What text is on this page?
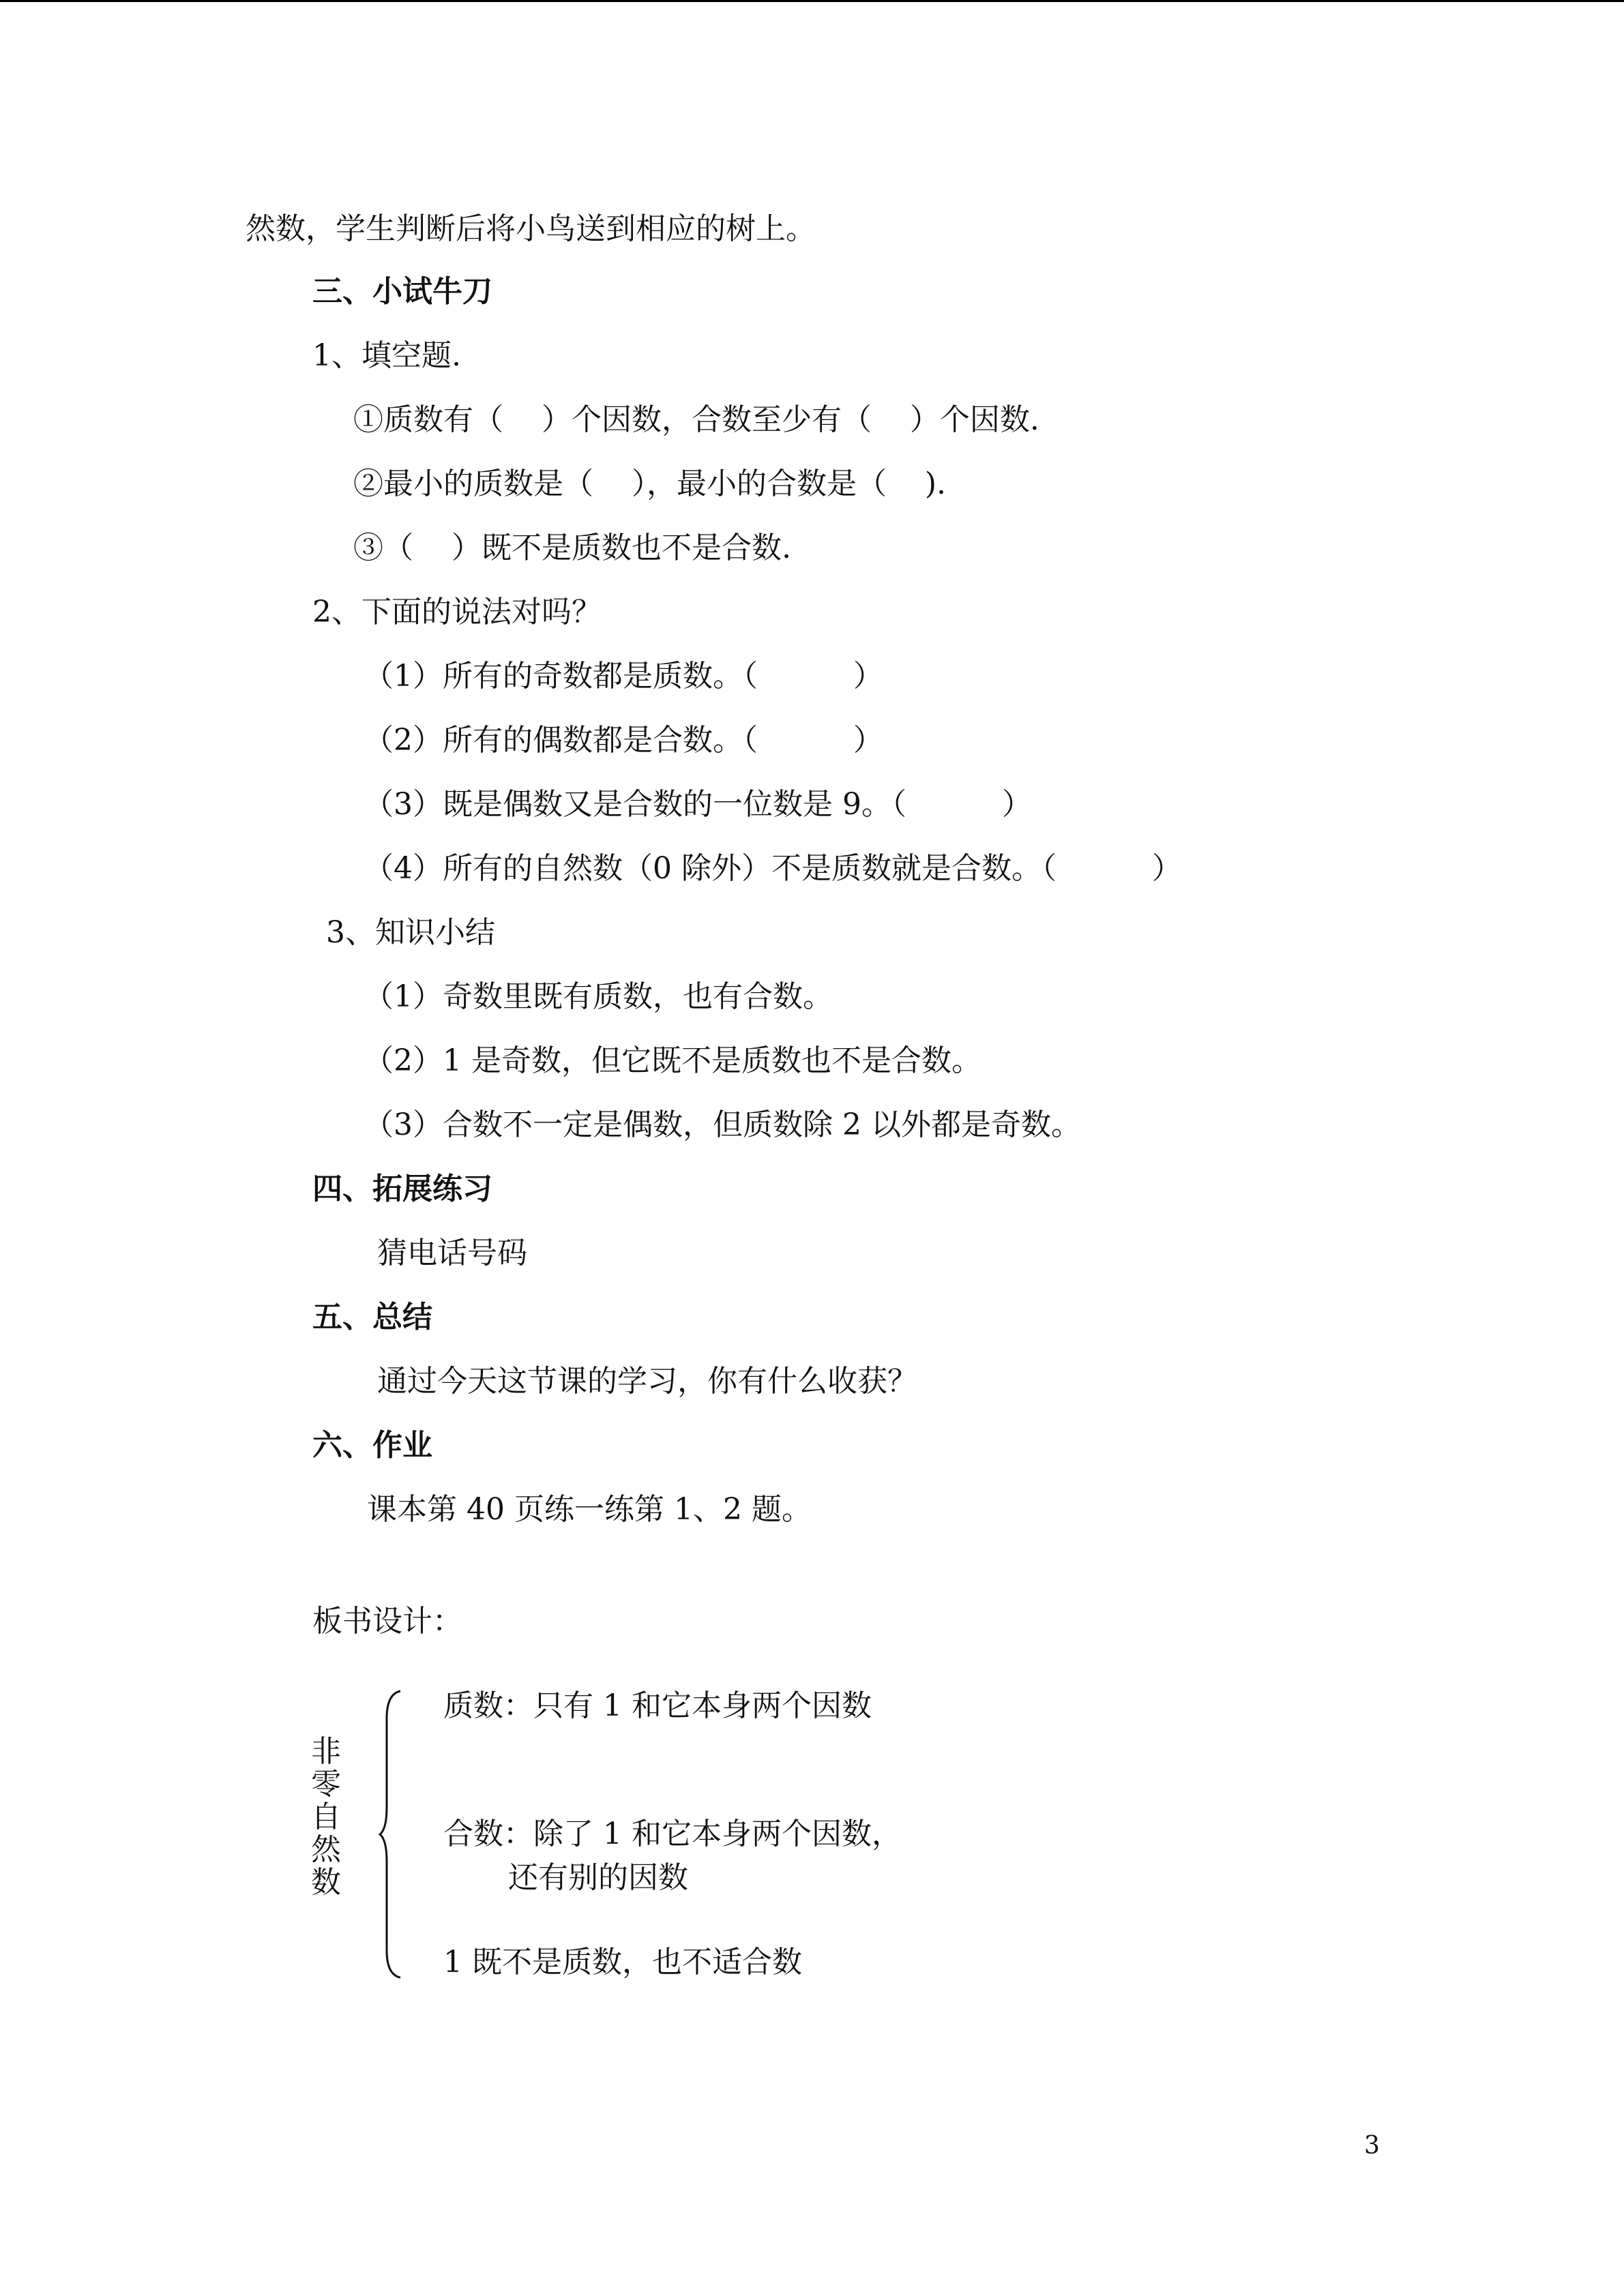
然数，学生判断后将小鸟送到相应的树上。
三、小试牛刀
1、填空题.
①质数有（    ）个因数，合数至少有（    ）个因数.
②最小的质数是（    ），最小的合数是（    ).
③（    ）既不是质数也不是合数.
2、下面的说法对吗？
（1）所有的奇数都是质数。（          ）
（2）所有的偶数都是合数。（          ）
（3）既是偶数又是合数的一位数是 9。（          ）
（4）所有的自然数（0 除外）不是质数就是合数。（          ）
3、知识小结
（1）奇数里既有质数，也有合数。
（2）1 是奇数，但它既不是质数也不是合数。
（3）合数不一定是偶数，但质数除 2 以外都是奇数。
四、拓展练习
猜电话号码
五、总结
通过今天这节课的学习，你有什么收获？
六、作业
课本第 40 页练一练第 1、2 题。
板书设计：
非零自然数
质数：只有 1 和它本身两个因数
合数：除了 1 和它本身两个因数，
还有别的因数
1 既不是质数，也不适合数
3
